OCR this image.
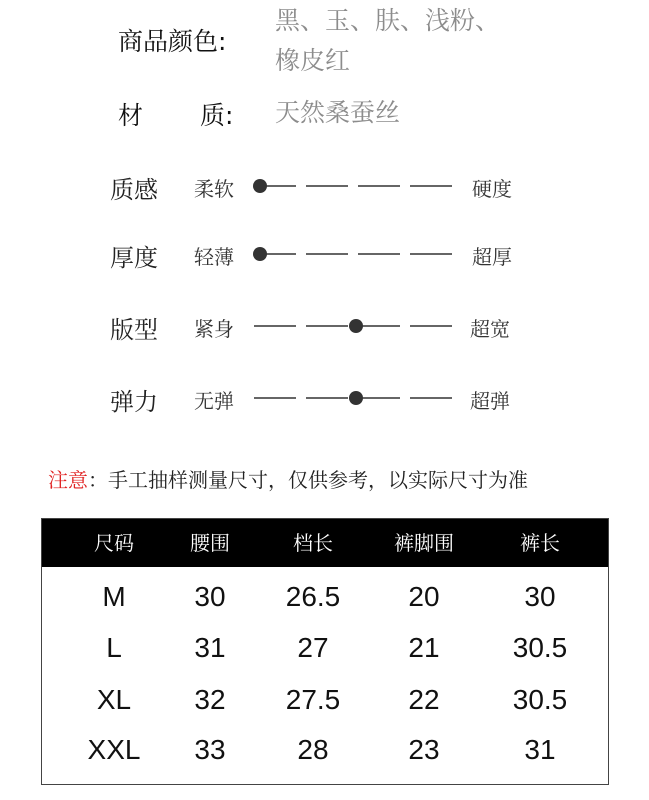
商品颜色:
黑、玉、肤、浅粉、
橡皮红
材 质: 天然桑蚕丝
质感 柔软	硬度
厚度 轻薄	超厚
版型 紧身	超宽
弹力 无弹	超弹
注意：手工抽样测量尺寸，仅供参考，以实际尺寸为准
尺码	腰围	档长	裤脚围	裤长
M 30 26.5 20	30
L	31	27	21	30.5
XL 32 27.5 22	30.5
XXL 33	28	23	31
